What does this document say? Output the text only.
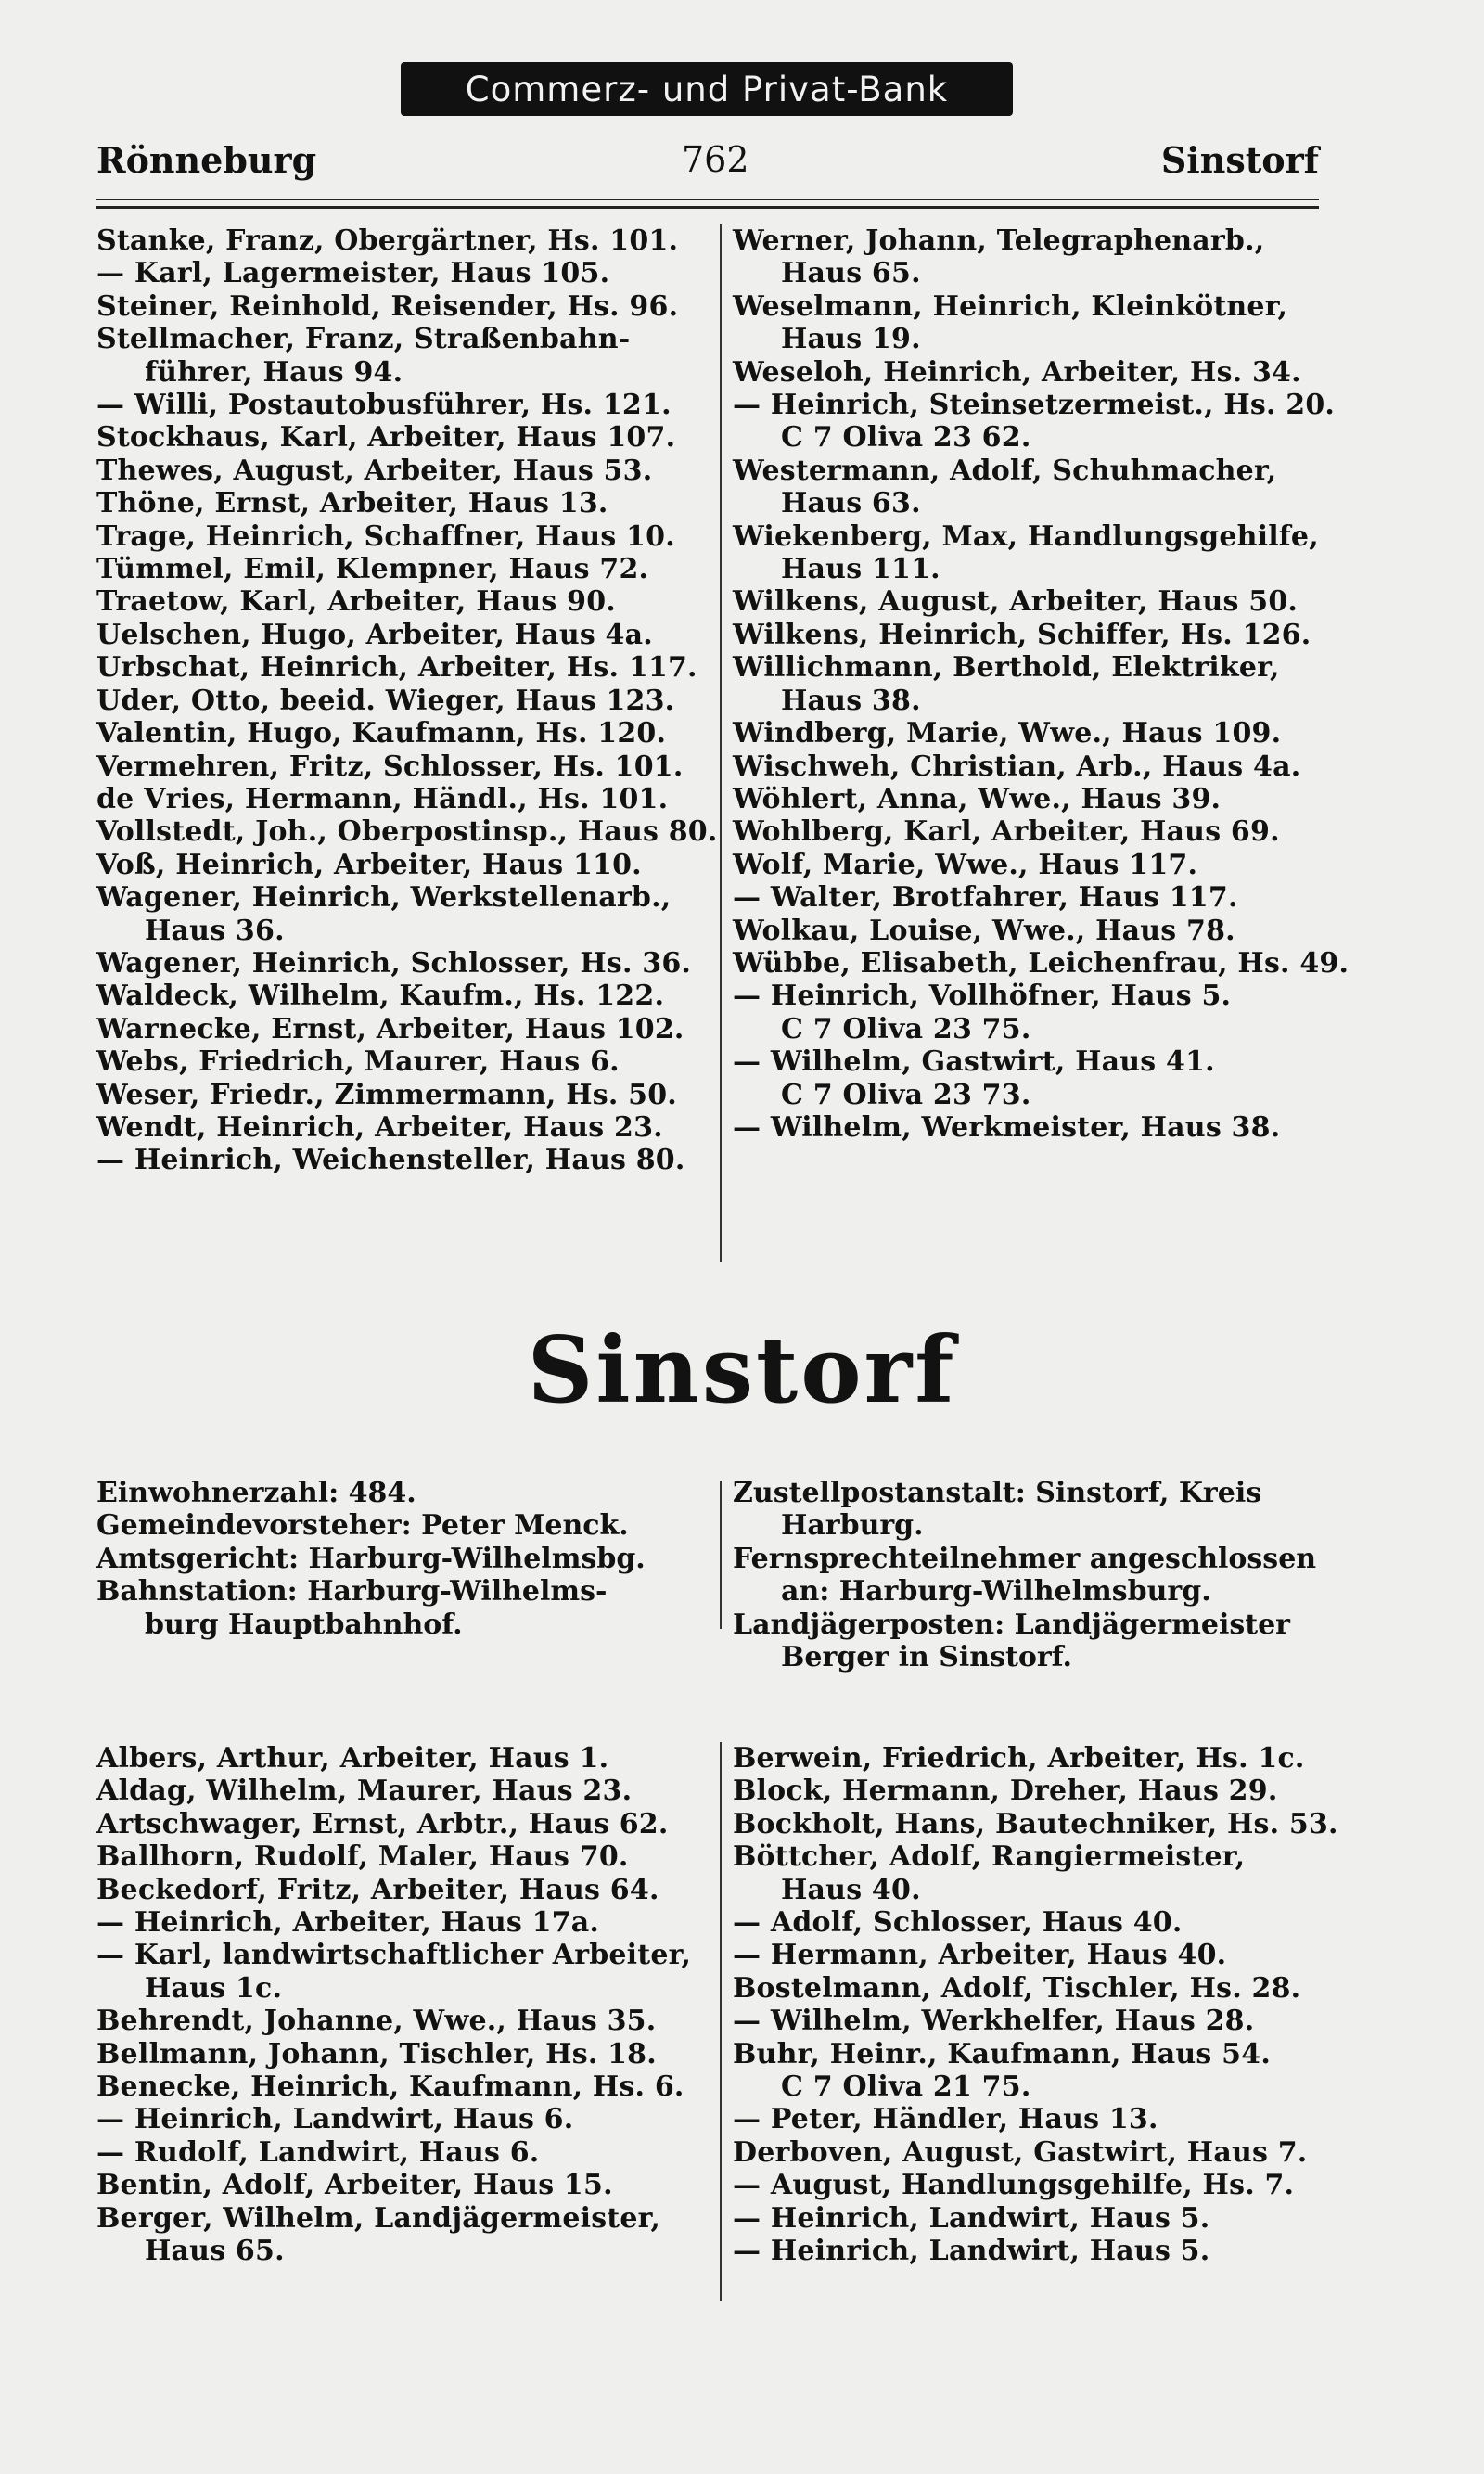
Commerz- und Privat-Bank
Rönneburg	762	Sinstorf
Stanke, Franz, Obergärtner, Hs. 101.
— Karl, Lagermeister, Haus 105.
Steiner, Reinhold, Reisender, Hs. 96.
Stellmacher, Franz, Straßenbahn-
führer, Haus 94.
— Willi, Postautobusführer, Hs. 121.
Stockhaus, Karl, Arbeiter, Haus 107.
Thewes, August, Arbeiter, Haus 53.
Thöne, Ernst, Arbeiter, Haus 13.
Trage, Heinrich, Schaffner, Haus 10.
Tümmel, Emil, Klempner, Haus 72.
Traetow, Karl, Arbeiter, Haus 90.
Uelschen, Hugo, Arbeiter, Haus 4a.
Urbschat, Heinrich, Arbeiter, Hs. 117.
Uder, Otto, beeid. Wieger, Haus 123.
Valentin, Hugo, Kaufmann, Hs. 120.
Vermehren, Fritz, Schlosser, Hs. 101.
de Vries, Hermann, Händl., Hs. 101.
Vollstedt, Joh., Oberpostinsp., Haus 80.
Voß, Heinrich, Arbeiter, Haus 110.
Wagener, Heinrich, Werkstellenarb.,
Haus 36.
Wagener, Heinrich, Schlosser, Hs. 36.
Waldeck, Wilhelm, Kaufm., Hs. 122.
Warnecke, Ernst, Arbeiter, Haus 102.
Webs, Friedrich, Maurer, Haus 6.
Weser, Friedr., Zimmermann, Hs. 50.
Wendt, Heinrich, Arbeiter, Haus 23.
— Heinrich, Weichensteller, Haus 80.
Werner, Johann, Telegraphenarb.,
Haus 65.
Weselmann, Heinrich, Kleinkötner,
Haus 19.
Weseloh, Heinrich, Arbeiter, Hs. 34.
— Heinrich, Steinsetzermeist., Hs. 20.
C 7 Oliva 23 62.
Westermann, Adolf, Schuhmacher,
Haus 63.
Wiekenberg, Max, Handlungsgehilfe,
Haus 111.
Wilkens, August, Arbeiter, Haus 50.
Wilkens, Heinrich, Schiffer, Hs. 126.
Willichmann, Berthold, Elektriker,
Haus 38.
Windberg, Marie, Wwe., Haus 109.
Wischweh, Christian, Arb., Haus 4a.
Wöhlert, Anna, Wwe., Haus 39.
Wohlberg, Karl, Arbeiter, Haus 69.
Wolf, Marie, Wwe., Haus 117.
— Walter, Brotfahrer, Haus 117.
Wolkau, Louise, Wwe., Haus 78.
Wübbe, Elisabeth, Leichenfrau, Hs. 49.
— Heinrich, Vollhöfner, Haus 5.
C 7 Oliva 23 75.
— Wilhelm, Gastwirt, Haus 41.
C 7 Oliva 23 73.
— Wilhelm, Werkmeister, Haus 38.
Sinstorf
Einwohnerzahl: 484.
Gemeindevorsteher: Peter Menck.
Amtsgericht: Harburg-Wilhelmsbg.
Bahnstation: Harburg-Wilhelms-
burg Hauptbahnhof.
Zustellpostanstalt: Sinstorf, Kreis
Harburg.
Fernsprechteilnehmer angeschlossen
an: Harburg-Wilhelmsburg.
Landjägerposten: Landjägermeister
Berger in Sinstorf.
Albers, Arthur, Arbeiter, Haus 1.
Aldag, Wilhelm, Maurer, Haus 23.
Artschwager, Ernst, Arbtr., Haus 62.
Ballhorn, Rudolf, Maler, Haus 70.
Beckedorf, Fritz, Arbeiter, Haus 64.
— Heinrich, Arbeiter, Haus 17a.
— Karl, landwirtschaftlicher Arbeiter,
Haus 1c.
Behrendt, Johanne, Wwe., Haus 35.
Bellmann, Johann, Tischler, Hs. 18.
Benecke, Heinrich, Kaufmann, Hs. 6.
— Heinrich, Landwirt, Haus 6.
— Rudolf, Landwirt, Haus 6.
Bentin, Adolf, Arbeiter, Haus 15.
Berger, Wilhelm, Landjägermeister,
Haus 65.
Berwein, Friedrich, Arbeiter, Hs. 1c.
Block, Hermann, Dreher, Haus 29.
Bockholt, Hans, Bautechniker, Hs. 53.
Böttcher, Adolf, Rangiermeister,
Haus 40.
— Adolf, Schlosser, Haus 40.
— Hermann, Arbeiter, Haus 40.
Bostelmann, Adolf, Tischler, Hs. 28.
— Wilhelm, Werkhelfer, Haus 28.
Buhr, Heinr., Kaufmann, Haus 54.
C 7 Oliva 21 75.
— Peter, Händler, Haus 13.
Derboven, August, Gastwirt, Haus 7.
— August, Handlungsgehilfe, Hs. 7.
— Heinrich, Landwirt, Haus 5.
— Heinrich, Landwirt, Haus 5.
